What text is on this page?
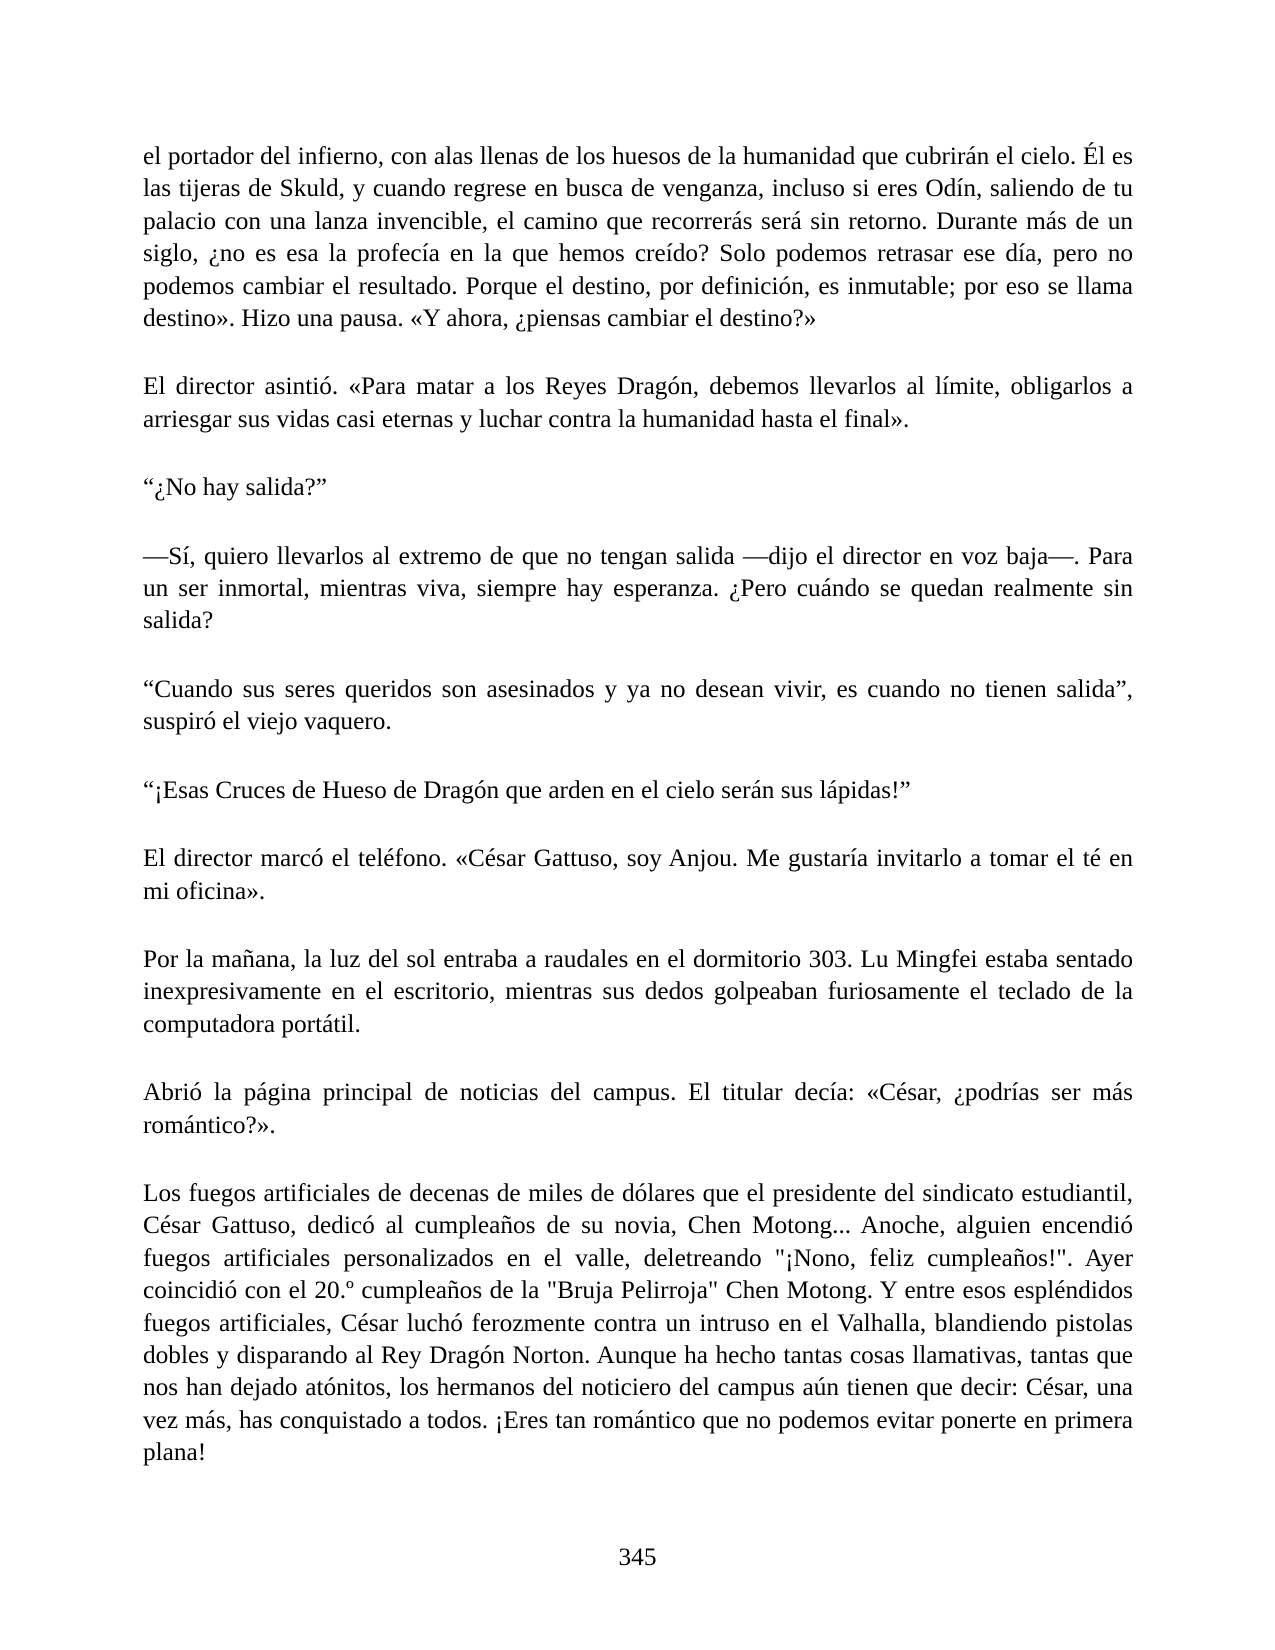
el portador del infierno, con alas llenas de los huesos de la humanidad que cubrirán el cielo. Él es las tijeras de Skuld, y cuando regrese en busca de venganza, incluso si eres Odín, saliendo de tu palacio con una lanza invencible, el camino que recorrerás será sin retorno. Durante más de un siglo, ¿no es esa la profecía en la que hemos creído? Solo podemos retrasar ese día, pero no podemos cambiar el resultado. Porque el destino, por definición, es inmutable; por eso se llama destino». Hizo una pausa. «Y ahora, ¿piensas cambiar el destino?»

El director asintió. «Para matar a los Reyes Dragón, debemos llevarlos al límite, obligarlos a arriesgar sus vidas casi eternas y luchar contra la humanidad hasta el final».

“¿No hay salida?”

—Sí, quiero llevarlos al extremo de que no tengan salida —dijo el director en voz baja—. Para un ser inmortal, mientras viva, siempre hay esperanza. ¿Pero cuándo se quedan realmente sin salida?

“Cuando sus seres queridos son asesinados y ya no desean vivir, es cuando no tienen salida”, suspiró el viejo vaquero.

“¡Esas Cruces de Hueso de Dragón que arden en el cielo serán sus lápidas!”

El director marcó el teléfono. «César Gattuso, soy Anjou. Me gustaría invitarlo a tomar el té en mi oficina».

Por la mañana, la luz del sol entraba a raudales en el dormitorio 303. Lu Mingfei estaba sentado inexpresivamente en el escritorio, mientras sus dedos golpeaban furiosamente el teclado de la computadora portátil.

Abrió la página principal de noticias del campus. El titular decía: «César, ¿podrías ser más romántico?».

Los fuegos artificiales de decenas de miles de dólares que el presidente del sindicato estudiantil, César Gattuso, dedicó al cumpleaños de su novia, Chen Motong... Anoche, alguien encendió fuegos artificiales personalizados en el valle, deletreando "¡Nono, feliz cumpleaños!". Ayer coincidió con el 20.º cumpleaños de la "Bruja Pelirroja" Chen Motong. Y entre esos espléndidos fuegos artificiales, César luchó ferozmente contra un intruso en el Valhalla, blandiendo pistolas dobles y disparando al Rey Dragón Norton. Aunque ha hecho tantas cosas llamativas, tantas que nos han dejado atónitos, los hermanos del noticiero del campus aún tienen que decir: César, una vez más, has conquistado a todos. ¡Eres tan romántico que no podemos evitar ponerte en primera plana!

345
